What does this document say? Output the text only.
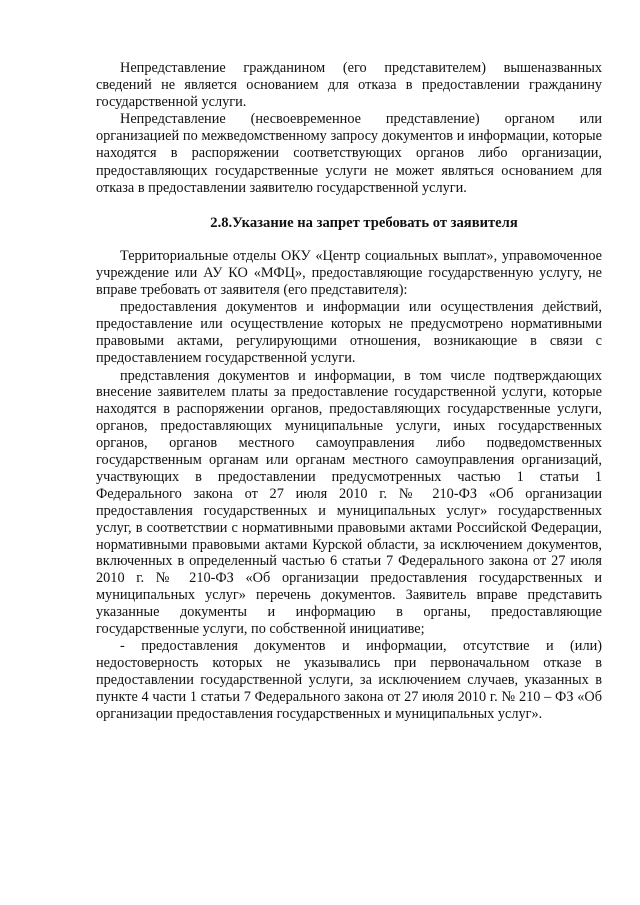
Непредставление гражданином (его представителем) вышеназванных сведений не является основанием для отказа в предоставлении гражданину государственной услуги.

Непредставление (несвоевременное представление) органом или организацией по межведомственному запросу документов и информации, которые находятся в распоряжении соответствующих органов либо организации, предоставляющих государственные услуги не может являться основанием для отказа в предоставлении заявителю государственной услуги.

2.8.Указание на запрет требовать от заявителя

Территориальные отделы ОКУ «Центр социальных выплат», управомоченное учреждение или АУ КО «МФЦ», предоставляющие государственную услугу, не вправе требовать от заявителя (его представителя):

предоставления документов и информации или осуществления действий, предоставление или осуществление которых не предусмотрено нормативными правовыми актами, регулирующими отношения, возникающие в связи с предоставлением государственной услуги.

представления документов и информации, в том числе подтверждающих внесение заявителем платы за предоставление государственной услуги, которые находятся в распоряжении органов, предоставляющих государственные услуги, органов, предоставляющих муниципальные услуги, иных государственных органов, органов местного самоуправления либо подведомственных государственным органам или органам местного самоуправления организаций, участвующих в предоставлении предусмотренных частью 1 статьи 1 Федерального закона от 27 июля 2010 г. № 210-ФЗ «Об организации предоставления государственных и муниципальных услуг» государственных услуг, в соответствии с нормативными правовыми актами Российской Федерации, нормативными правовыми актами Курской области, за исключением документов, включенных в определенный частью 6 статьи 7 Федерального закона от 27 июля 2010 г. № 210-ФЗ «Об организации предоставления государственных и муниципальных услуг» перечень документов. Заявитель вправе представить указанные документы и информацию в органы, предоставляющие государственные услуги, по собственной инициативе;

- предоставления документов и информации, отсутствие и (или) недостоверность которых не указывались при первоначальном отказе в предоставлении государственной услуги, за исключением случаев, указанных в пункте 4 части 1 статьи 7 Федерального закона от 27 июля 2010 г. № 210 – ФЗ «Об организации предоставления государственных и муниципальных услуг».
